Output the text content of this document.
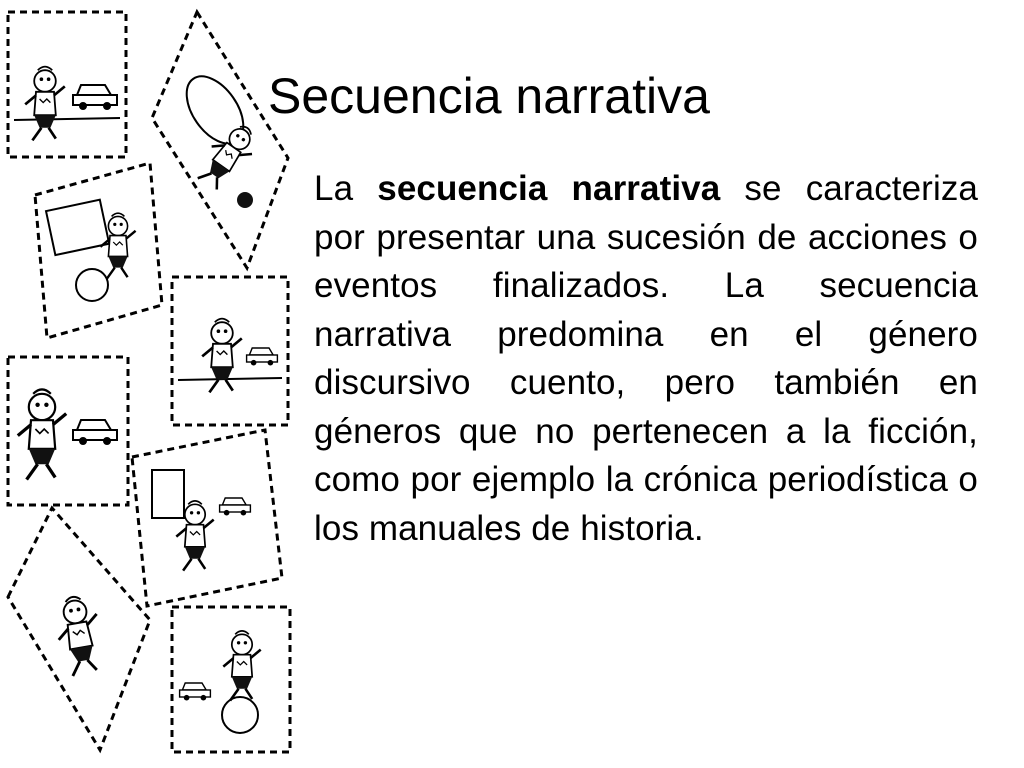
Secuencia narrativa

La secuencia narrativa se caracteriza por presentar una sucesión de acciones o eventos finalizados. La secuencia narrativa predomina en el género discursivo cuento, pero también en géneros que no pertenecen a la ficción, como por ejemplo la crónica periodística o los manuales de historia.
